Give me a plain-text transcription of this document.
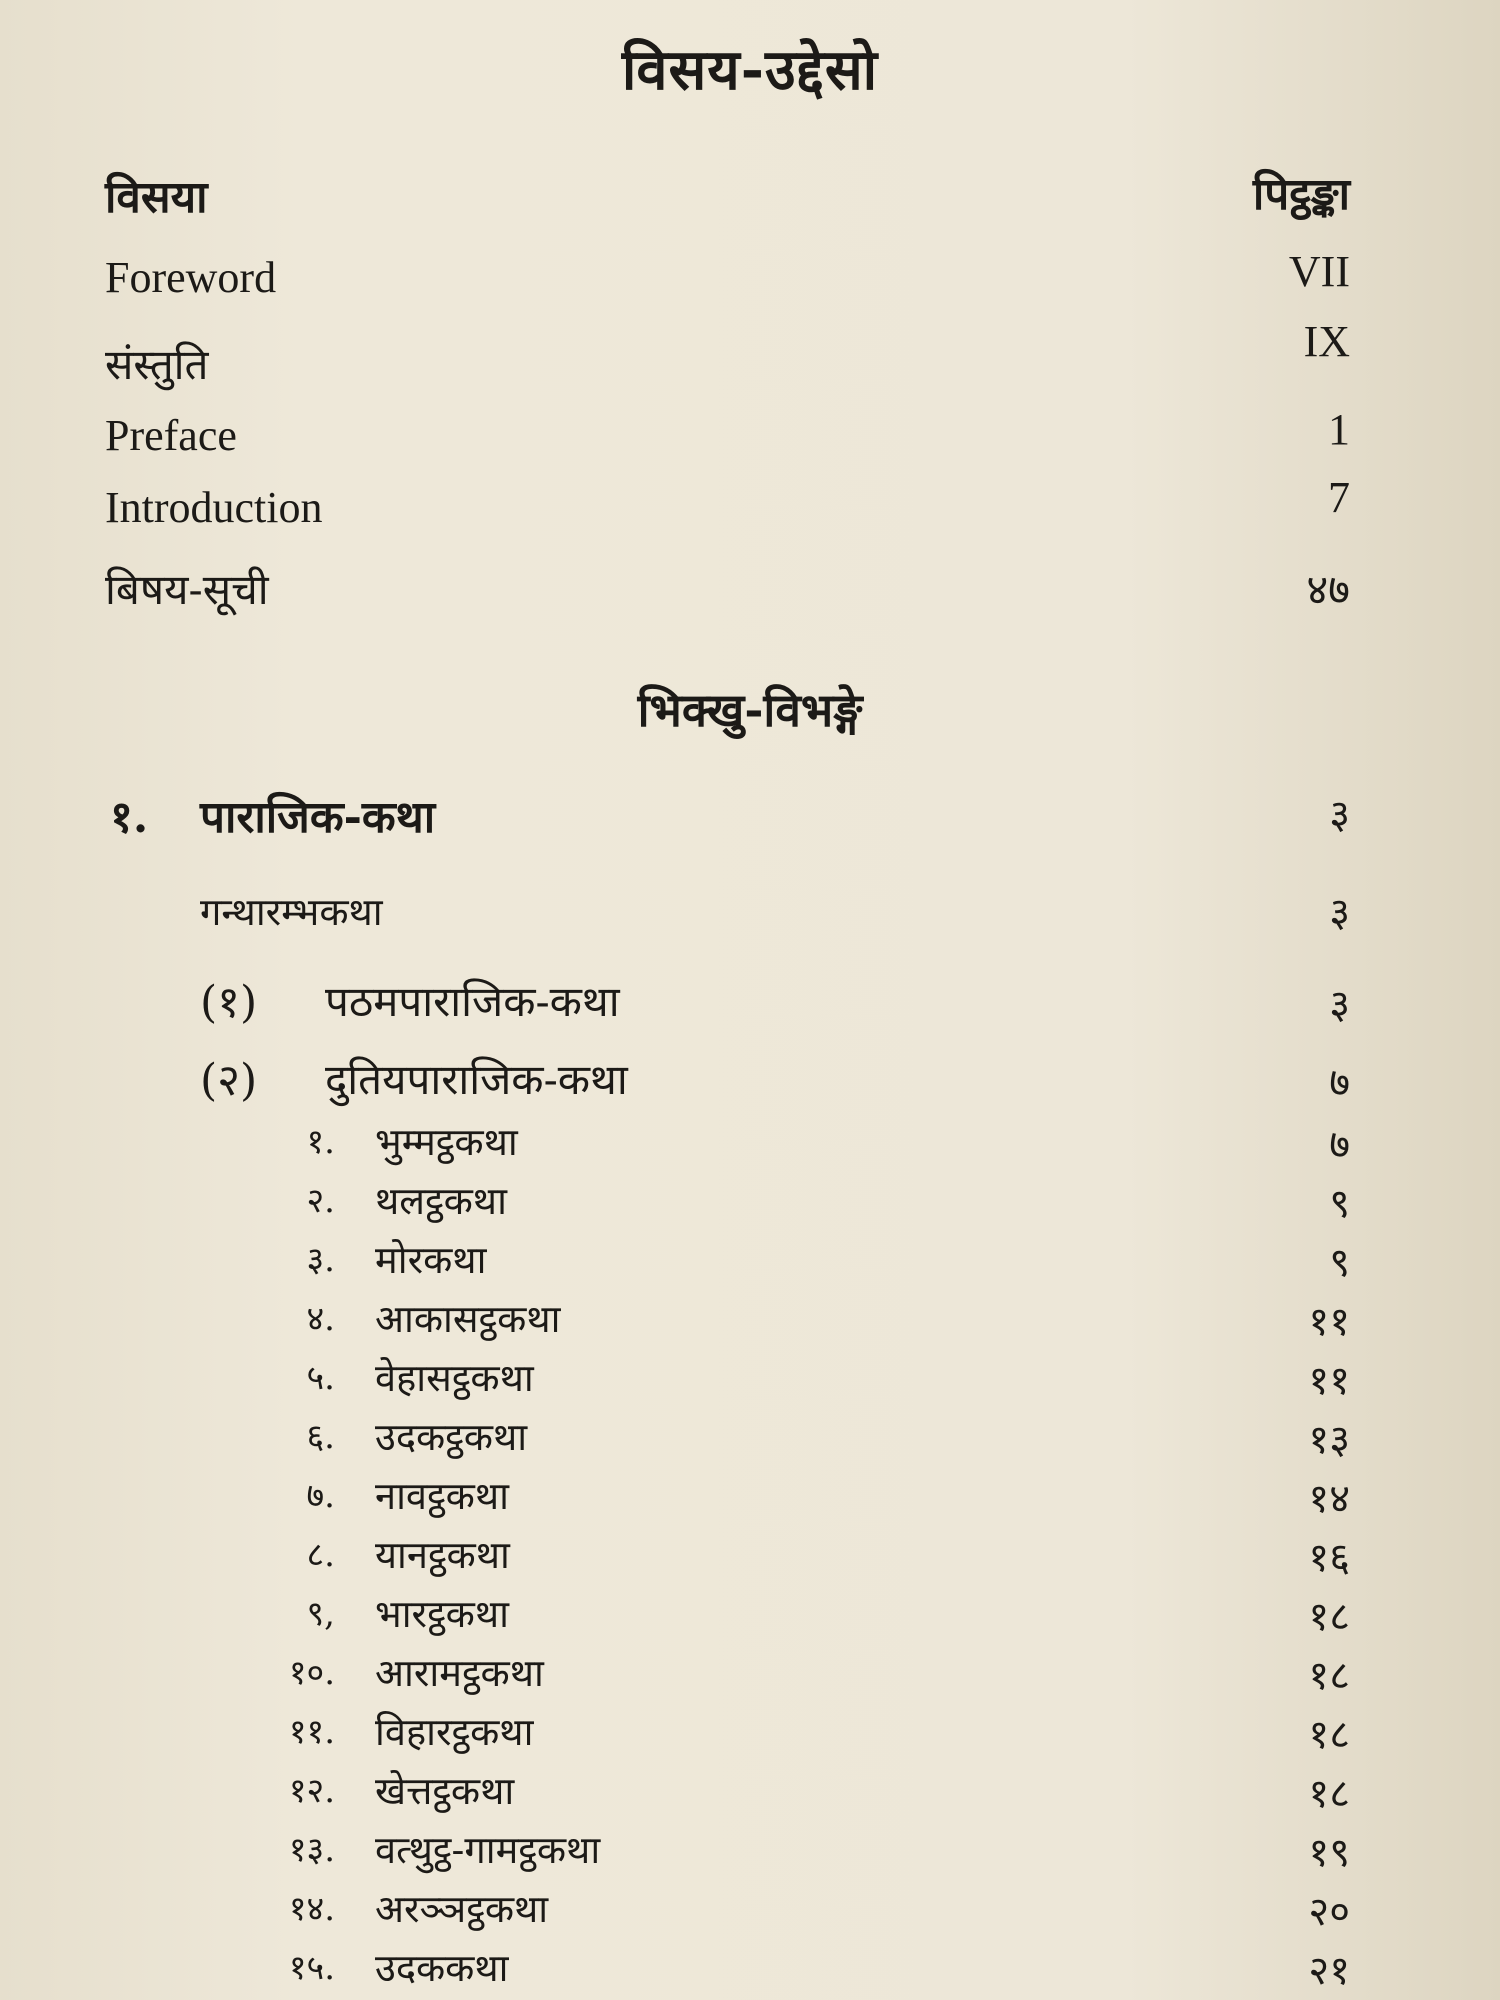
विसय-उद्देसो
विसया	पिट्ठङ्का
Foreword	VII
संस्तुति	IX
Preface	1
Introduction	7
बिषय-सूची	४७
भिक्खु-विभङ्गे
१. पाराजिक-कथा	३
गन्थारम्भकथा	३
(१) पठमपाराजिक-कथा	३
(२) दुतियपाराजिक-कथा	७
१. भुम्मट्ठकथा	७
२. थलट्ठकथा	९
३. मोरकथा	९
४. आकासट्ठकथा	११
५. वेहासट्ठकथा	११
६. उदकट्ठकथा	१३
७. नावट्ठकथा	१४
८. यानट्ठकथा	१६
९, भारट्ठकथा	१८
१०. आरामट्ठकथा	१८
११. विहारट्ठकथा	१८
१२. खेत्तट्ठकथा	१८
१३. वत्थुट्ठ-गामट्ठकथा	१९
१४. अरञ्ञट्ठकथा	२०
१५. उदककथा	२१
